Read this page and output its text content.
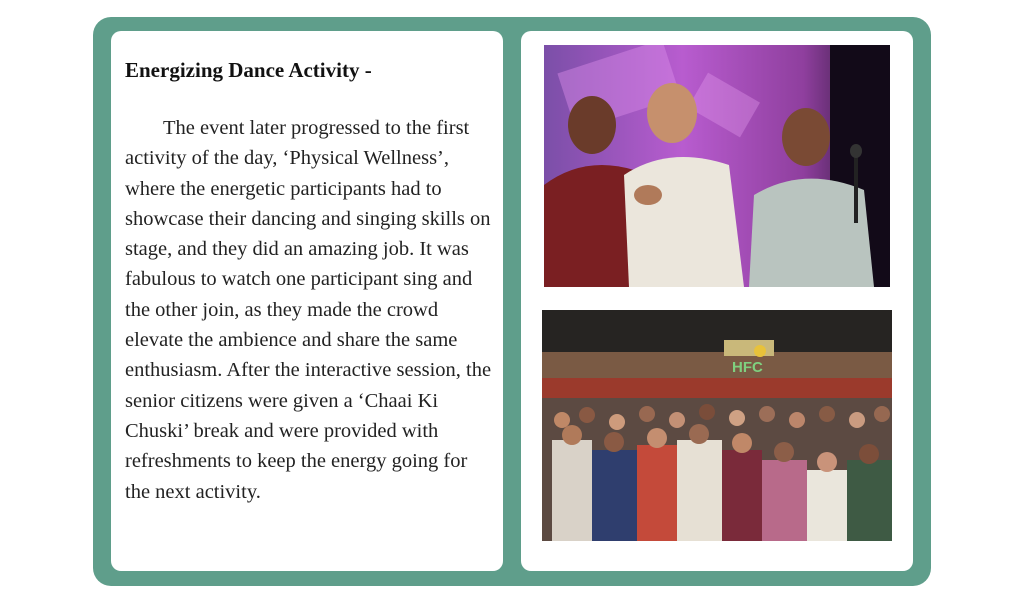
Energizing Dance Activity -

The event later progressed to the first activity of the day, ‘Physical Wellness’, where the energetic participants had to showcase their dancing and singing skills on stage, and they did an amazing job. It was fabulous to watch one participant sing and the other join, as they made the crowd elevate the ambience and share the same enthusiasm. After the interactive session, the senior citizens were given a ‘Chaai Ki Chuski’ break and were provided with refreshments to keep the energy going for the next activity.

HFC
